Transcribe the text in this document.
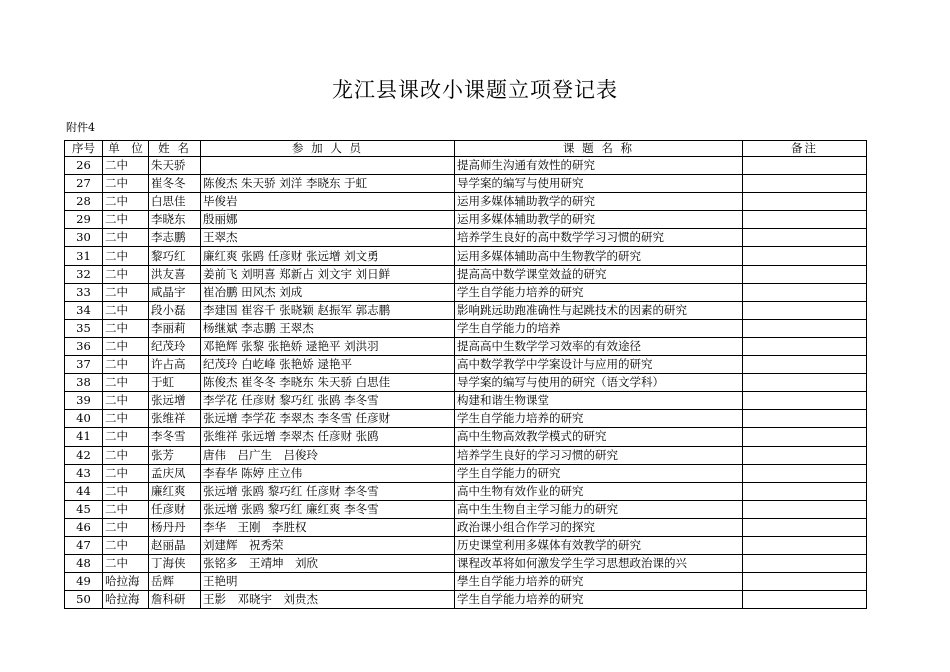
龙江县课改小课题立项登记表
附件4
序号	单　位	姓 名	参 加 人 员	课 题 名 称	备注
26	二中	朱天骄		提高师生沟通有效性的研究	
27	二中	崔冬冬	陈俊杰 朱天骄 刘洋 李晓东 于虹	导学案的编写与使用研究	
28	二中	白思佳	毕俊岩	运用多媒体辅助教学的研究	
29	二中	李晓东	殷丽娜	运用多媒体辅助教学的研究	
30	二中	李志鹏	王翠杰	培养学生良好的高中数学学习习惯的研究	
31	二中	黎巧红	廉红爽 张鸥 任彦财 张远增 刘文勇	运用多媒体辅助高中生物教学的研究	
32	二中	洪友喜	姜前飞 刘明喜 郑新占 刘文宇 刘日鲜	提高高中数学课堂效益的研究	
33	二中	咸晶宇	崔冶鹏 田风杰 刘成	学生自学能力培养的研究	
34	二中	段小磊	李建国 崔容千 张晓颖 赵振军 郭志鹏	影响跳远助跑准确性与起跳技术的因素的研究	
35	二中	李丽莉	杨继斌 李志鹏 王翠杰	学生自学能力的培养	
36	二中	纪茂玲	邓艳辉 张黎 张艳娇 逯艳平 刘洪羽	提高高中生数学学习效率的有效途径	
37	二中	许占高	纪茂玲 白屹峰 张艳娇 逯艳平	高中数学教学中学案设计与应用的研究	
38	二中	于虹	陈俊杰 崔冬冬 李晓东 朱天骄 白思佳	导学案的编写与使用的研究（语文学科）	
39	二中	张远增	李学花 任彦财 黎巧红 张鸥 李冬雪	构建和谐生物课堂	
40	二中	张维祥	张远增 李学花 李翠杰 李冬雪 任彦财	学生自学能力培养的研究	
41	二中	李冬雪	张维祥 张远增 李翠杰 任彦财 张鸥	高中生物高效教学模式的研究	
42	二中	张芳	唐伟　吕广生　吕俊玲	培养学生良好的学习习惯的研究	
43	二中	孟庆凤	李春华 陈婷 庄立伟	学生自学能力的研究	
44	二中	廉红爽	张远增 张鸥 黎巧红 任彦财 李冬雪	高中生物有效作业的研究	
45	二中	任彦财	张远增 张鸥 黎巧红 廉红爽 李冬雪	高中生生物自主学习能力的研究	
46	二中	杨丹丹	李华　王刚　李胜权	政治课小组合作学习的探究	
47	二中	赵丽晶	刘建辉　祝秀荣	历史课堂利用多媒体有效教学的研究	
48	二中	丁海侠	张铭多　王靖坤　刘欣	课程改革将如何激发学生学习思想政治课的兴	
49	哈拉海	岳辉	王艳明	學生自学能力培养的研究	
50	哈拉海	詹科研	王影　邓晓宇　刘贵杰	学生自学能力培养的研究	
